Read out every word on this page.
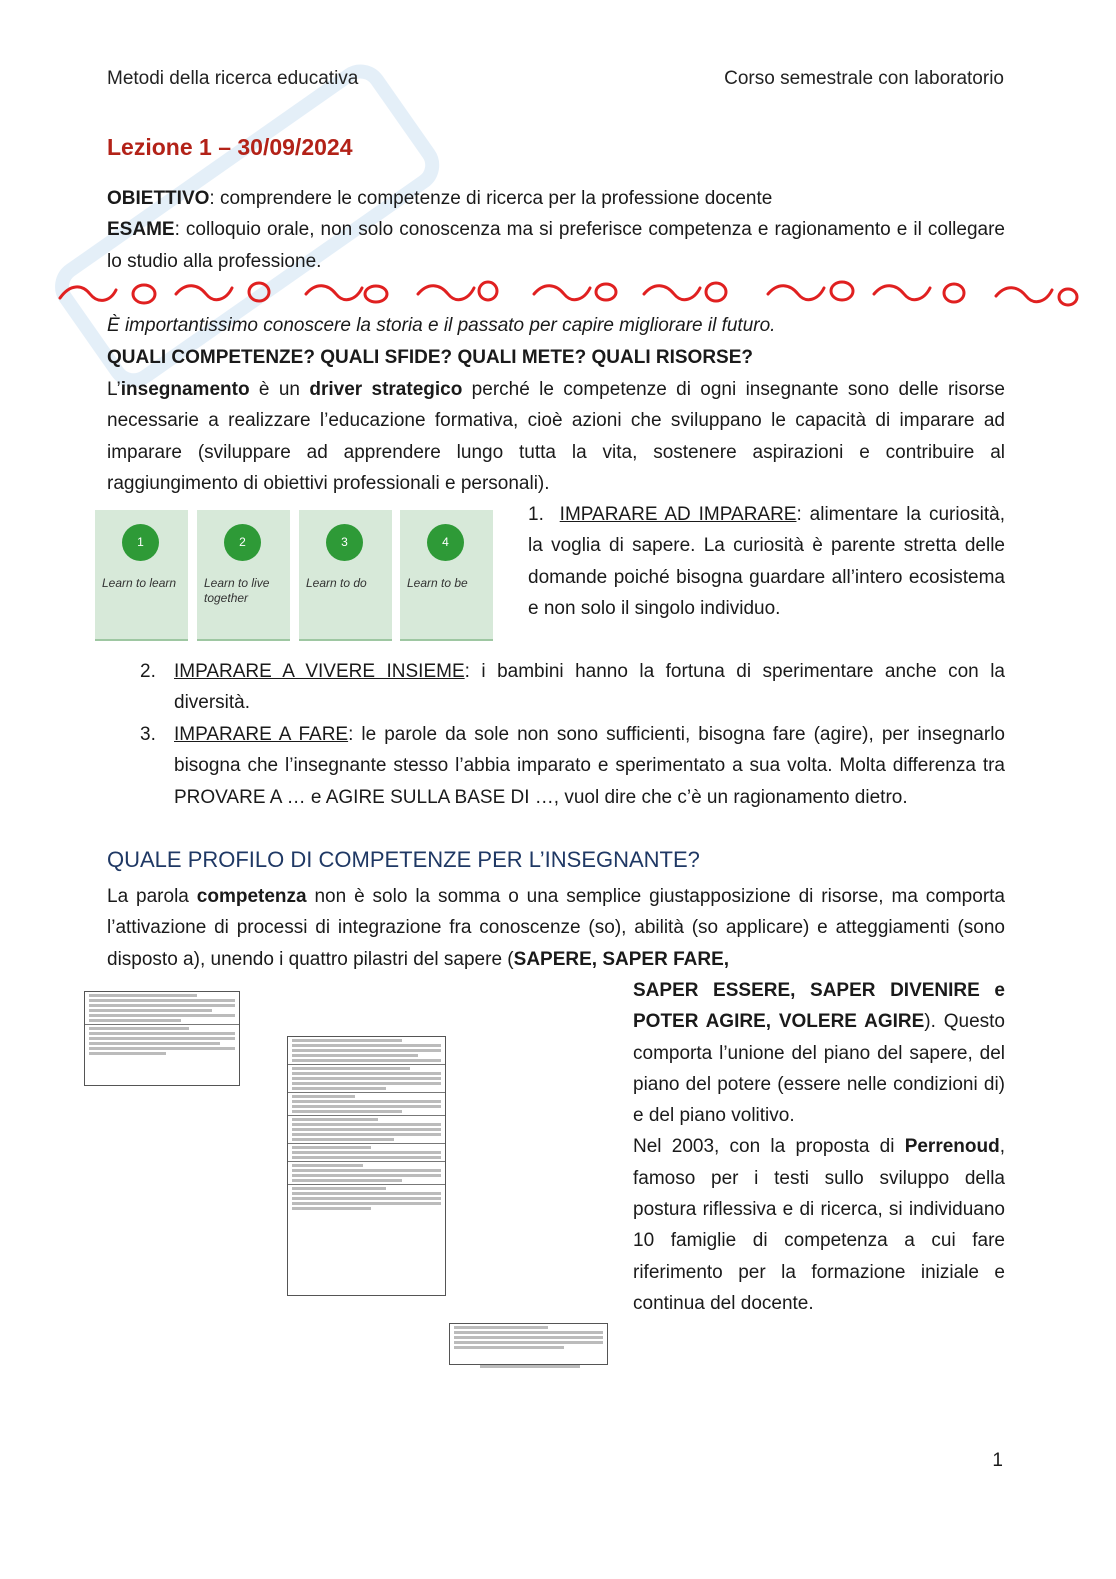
Metodi della ricerca educativa	Corso semestrale con laboratorio
Lezione 1 – 30/09/2024
OBIETTIVO: comprendere le competenze di ricerca per la professione docente
ESAME: colloquio orale, non solo conoscenza ma si preferisce competenza e ragionamento e il collegare lo studio alla professione.
È importantissimo conoscere la storia e il passato per capire migliorare il futuro.
QUALI COMPETENZE? QUALI SFIDE? QUALI METE? QUALI RISORSE?
L’insegnamento è un driver strategico perché le competenze di ogni insegnante sono delle risorse necessarie a realizzare l’educazione formativa, cioè azioni che sviluppano le capacità di imparare ad imparare (sviluppare ad apprendere lungo tutta la vita, sostenere aspirazioni e contribuire al raggiungimento di obiettivi professionali e personali).
1
Learn to learn
2
Learn to live together
3
Learn to do
4
Learn to be
1. IMPARARE AD IMPARARE: alimentare la curiosità, la voglia di sapere. La curiosità è parente stretta delle domande poiché bisogna guardare all’intero ecosistema e non solo il singolo individuo.
2. IMPARARE A VIVERE INSIEME: i bambini hanno la fortuna di sperimentare anche con la diversità.
3. IMPARARE A FARE: le parole da sole non sono sufficienti, bisogna fare (agire), per insegnarlo bisogna che l’insegnante stesso l’abbia imparato e sperimentato a sua volta. Molta differenza tra PROVARE A … e AGIRE SULLA BASE DI …, vuol dire che c’è un ragionamento dietro.
QUALE PROFILO DI COMPETENZE PER L’INSEGNANTE?
La parola competenza non è solo la somma o una semplice giustapposizione di risorse, ma comporta l’attivazione di processi di integrazione fra conoscenze (so), abilità (so applicare) e atteggiamenti (sono disposto a), unendo i quattro pilastri del sapere (SAPERE, SAPER FARE,
SAPER ESSERE, SAPER DIVENIRE e POTER AGIRE, VOLERE AGIRE). Questo comporta l’unione del piano del sapere, del piano del potere (essere nelle condizioni di) e del piano volitivo.
Nel 2003, con la proposta di Perrenoud, famoso per i testi sullo sviluppo della postura riflessiva e di ricerca, si individuano 10 famiglie di competenza a cui fare riferimento per la formazione iniziale e continua del docente.
1
